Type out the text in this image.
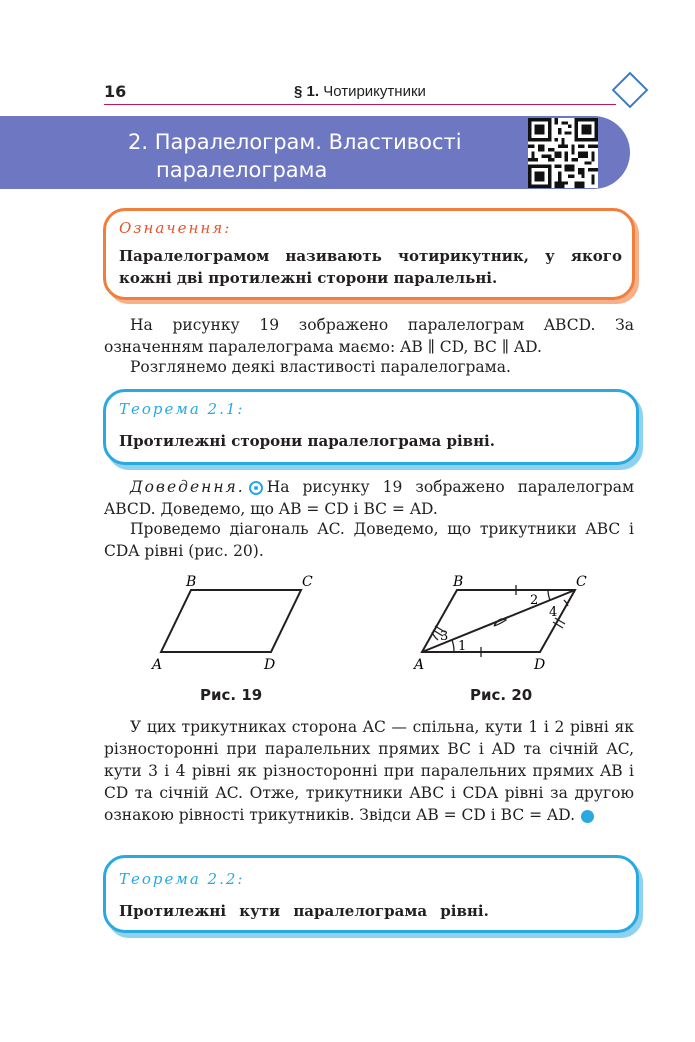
16	§ 1. Чотирикутники
2. Паралелограм. Властивості
паралелограма
Означення:
Паралелограмом називають чотирикутник, у якого кожні дві протилежні сторони паралельні.
На рисунку 19 зображено паралелограм ABCD. За означенням паралелограма маємо: AB ∥ CD, BC ∥ AD.
Розглянемо деякі властивості паралелограма.
Теорема 2.1:
Протилежні сторони паралелограма рівні.
Доведення. На рисунку 19 зображено паралелограм ABCD. Доведемо, що AB = CD і BC = AD.
Проведемо діагональ AC. Доведемо, що трикутники ABC і CDA рівні (рис. 20).
B	C
A	D
Рис. 19
B	C
A	D
1
2
3
4
Рис. 20
У цих трикутниках сторона AC — спільна, кути 1 і 2 рівні як різносторонні при паралельних прямих BC і AD та січній AC, кути 3 і 4 рівні як різносторонні при паралельних прямих AB і CD та січній AC. Отже, трикутники ABC і CDA рівні за другою ознакою рівності трикутників. Звідси AB = CD і BC = AD.
Теорема 2.2:
Протилежні кути паралелограма рівні.
